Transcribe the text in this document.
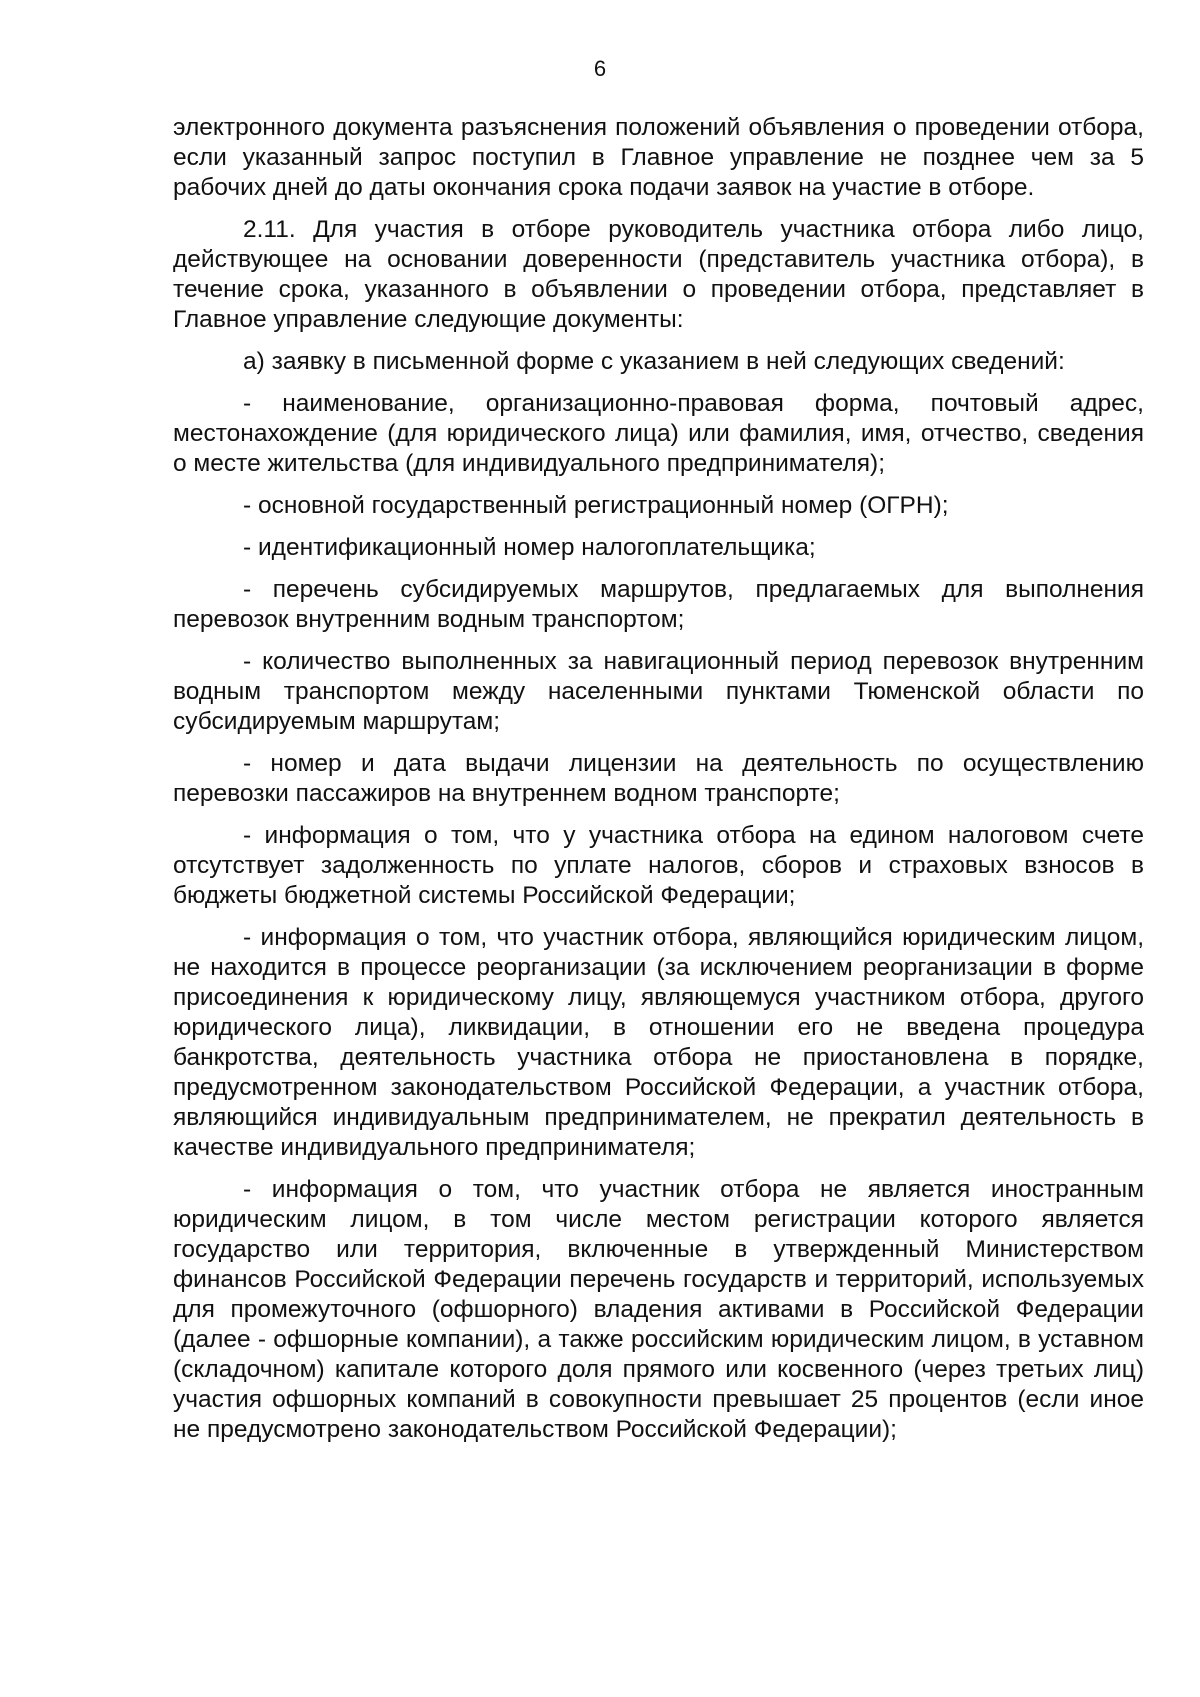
6

электронного документа разъяснения положений объявления о проведении отбора, если указанный запрос поступил в Главное управление не позднее чем за 5 рабочих дней до даты окончания срока подачи заявок на участие в отборе.

2.11. Для участия в отборе руководитель участника отбора либо лицо, действующее на основании доверенности (представитель участника отбора), в течение срока, указанного в объявлении о проведении отбора, представляет в Главное управление следующие документы:

а) заявку в письменной форме с указанием в ней следующих сведений:

- наименование, организационно-правовая форма, почтовый адрес, местонахождение (для юридического лица) или фамилия, имя, отчество, сведения о месте жительства (для индивидуального предпринимателя);

- основной государственный регистрационный номер (ОГРН);

- идентификационный номер налогоплательщика;

- перечень субсидируемых маршрутов, предлагаемых для выполнения перевозок внутренним водным транспортом;

- количество выполненных за навигационный период перевозок внутренним водным транспортом между населенными пунктами Тюменской области по субсидируемым маршрутам;

- номер и дата выдачи лицензии на деятельность по осуществлению перевозки пассажиров на внутреннем водном транспорте;

- информация о том, что у участника отбора на едином налоговом счете отсутствует задолженность по уплате налогов, сборов и страховых взносов в бюджеты бюджетной системы Российской Федерации;

- информация о том, что участник отбора, являющийся юридическим лицом, не находится в процессе реорганизации (за исключением реорганизации в форме присоединения к юридическому лицу, являющемуся участником отбора, другого юридического лица), ликвидации, в отношении его не введена процедура банкротства, деятельность участника отбора не приостановлена в порядке, предусмотренном законодательством Российской Федерации, а участник отбора, являющийся индивидуальным предпринимателем, не прекратил деятельность в качестве индивидуального предпринимателя;

- информация о том, что участник отбора не является иностранным юридическим лицом, в том числе местом регистрации которого является государство или территория, включенные в утвержденный Министерством финансов Российской Федерации перечень государств и территорий, используемых для промежуточного (офшорного) владения активами в Российской Федерации (далее - офшорные компании), а также российским юридическим лицом, в уставном (складочном) капитале которого доля прямого или косвенного (через третьих лиц) участия офшорных компаний в совокупности превышает 25 процентов (если иное не предусмотрено законодательством Российской Федерации);
